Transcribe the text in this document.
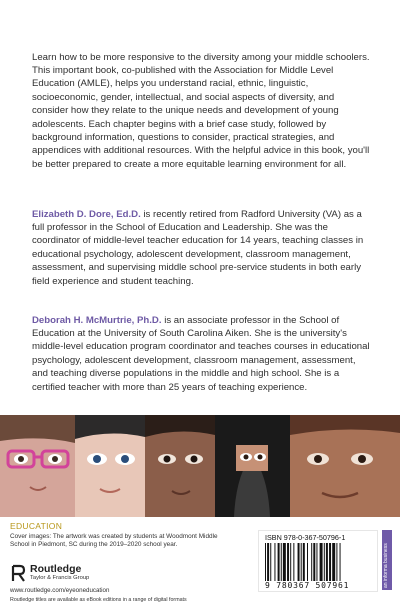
Learn how to be more responsive to the diversity among your middle schoolers. This important book, co-published with the Association for Middle Level Education (AMLE), helps you understand racial, ethnic, linguistic, socioeconomic, gender, intellectual, and social aspects of diversity, and consider how they relate to the unique needs and development of young adolescents. Each chapter begins with a brief case study, followed by background information, questions to consider, practical strategies, and appendices with additional resources. With the helpful advice in this book, you'll be better prepared to create a more equitable learning environment for all.

Elizabeth D. Dore, Ed.D. is recently retired from Radford University (VA) as a full professor in the School of Education and Leadership. She was the coordinator of middle-level teacher education for 14 years, teaching classes in educational psychology, adolescent development, classroom management, assessment, and supervising middle school pre-service students in both early field experience and student teaching.

Deborah H. McMurtrie, Ph.D. is an associate professor in the School of Education at the University of South Carolina Aiken. She is the university's middle-level education program coordinator and teaches courses in educational psychology, adolescent development, classroom management, assessment, and teaching diverse populations in the middle and high school. She is a certified teacher with more than 25 years of teaching experience.

EDUCATION
Cover images: The artwork was created by students at Woodmont Middle School in Piedmont, SC during the 2019–2020 school year.
Routledge
Taylor & Francis Group
www.routledge.com/eyeoneducation
Routledge titles are available as eBook editions in a range of digital formats
ISBN 978-0-367-50796-1
9 780367 507961	an informa business
